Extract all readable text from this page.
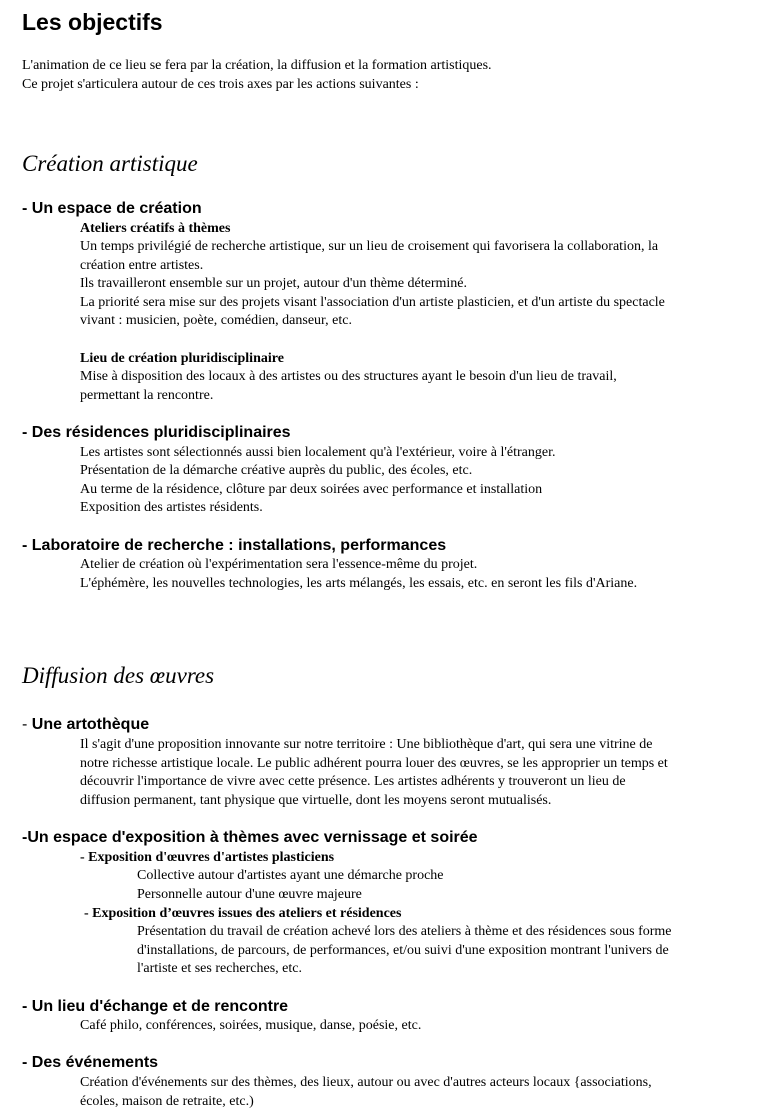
Les objectifs
L'animation de ce lieu se fera par la création, la diffusion et la formation artistiques.
Ce projet s'articulera autour de ces trois axes par les actions suivantes :
Création artistique
- Un espace de création
Ateliers créatifs à thèmes
Un temps privilégié de recherche artistique, sur un lieu de croisement qui favorisera la collaboration, la
création entre artistes.
Ils travailleront ensemble sur un projet, autour d'un thème déterminé.
La priorité sera mise sur des projets visant l'association d'un artiste plasticien, et d'un artiste du spectacle
vivant : musicien, poète, comédien, danseur, etc.
Lieu de création pluridisciplinaire
Mise à disposition des locaux à des artistes ou des structures ayant le besoin d'un lieu de travail,
permettant la rencontre.
- Des résidences pluridisciplinaires
Les artistes sont sélectionnés aussi bien localement qu'à l'extérieur, voire à l'étranger.
Présentation de la démarche créative auprès du public, des écoles, etc.
Au terme de la résidence, clôture par deux soirées avec performance et installation
Exposition des artistes résidents.
- Laboratoire de recherche : installations, performances
Atelier de création où l'expérimentation sera l'essence-même du projet.
L'éphémère, les nouvelles technologies, les arts mélangés, les essais, etc. en seront les fils d'Ariane.
Diffusion des œuvres
- Une artothèque
Il s'agit d'une proposition innovante sur notre territoire : Une bibliothèque d'art, qui sera une vitrine de
notre richesse artistique locale. Le public adhérent pourra louer des œuvres, se les approprier un temps et
découvrir l'importance de vivre avec cette présence. Les artistes adhérents y trouveront un lieu de
diffusion permanent, tant physique que virtuelle, dont les moyens seront mutualisés.
-Un espace d'exposition à thèmes avec vernissage et soirée
- Exposition d'œuvres d'artistes plasticiens
Collective autour d'artistes ayant une démarche proche
Personnelle autour d'une œuvre majeure
- Exposition d’œuvres issues des ateliers et résidences
Présentation du travail de création achevé lors des ateliers à thème et des résidences sous forme
d'installations, de parcours, de performances, et/ou suivi d'une exposition montrant l'univers de
l'artiste et ses recherches, etc.
- Un lieu d'échange et de rencontre
Café philo, conférences, soirées, musique, danse, poésie, etc.
- Des événements
Création d'événements sur des thèmes, des lieux, autour ou avec d'autres acteurs locaux {associations,
écoles, maison de retraite, etc.)
